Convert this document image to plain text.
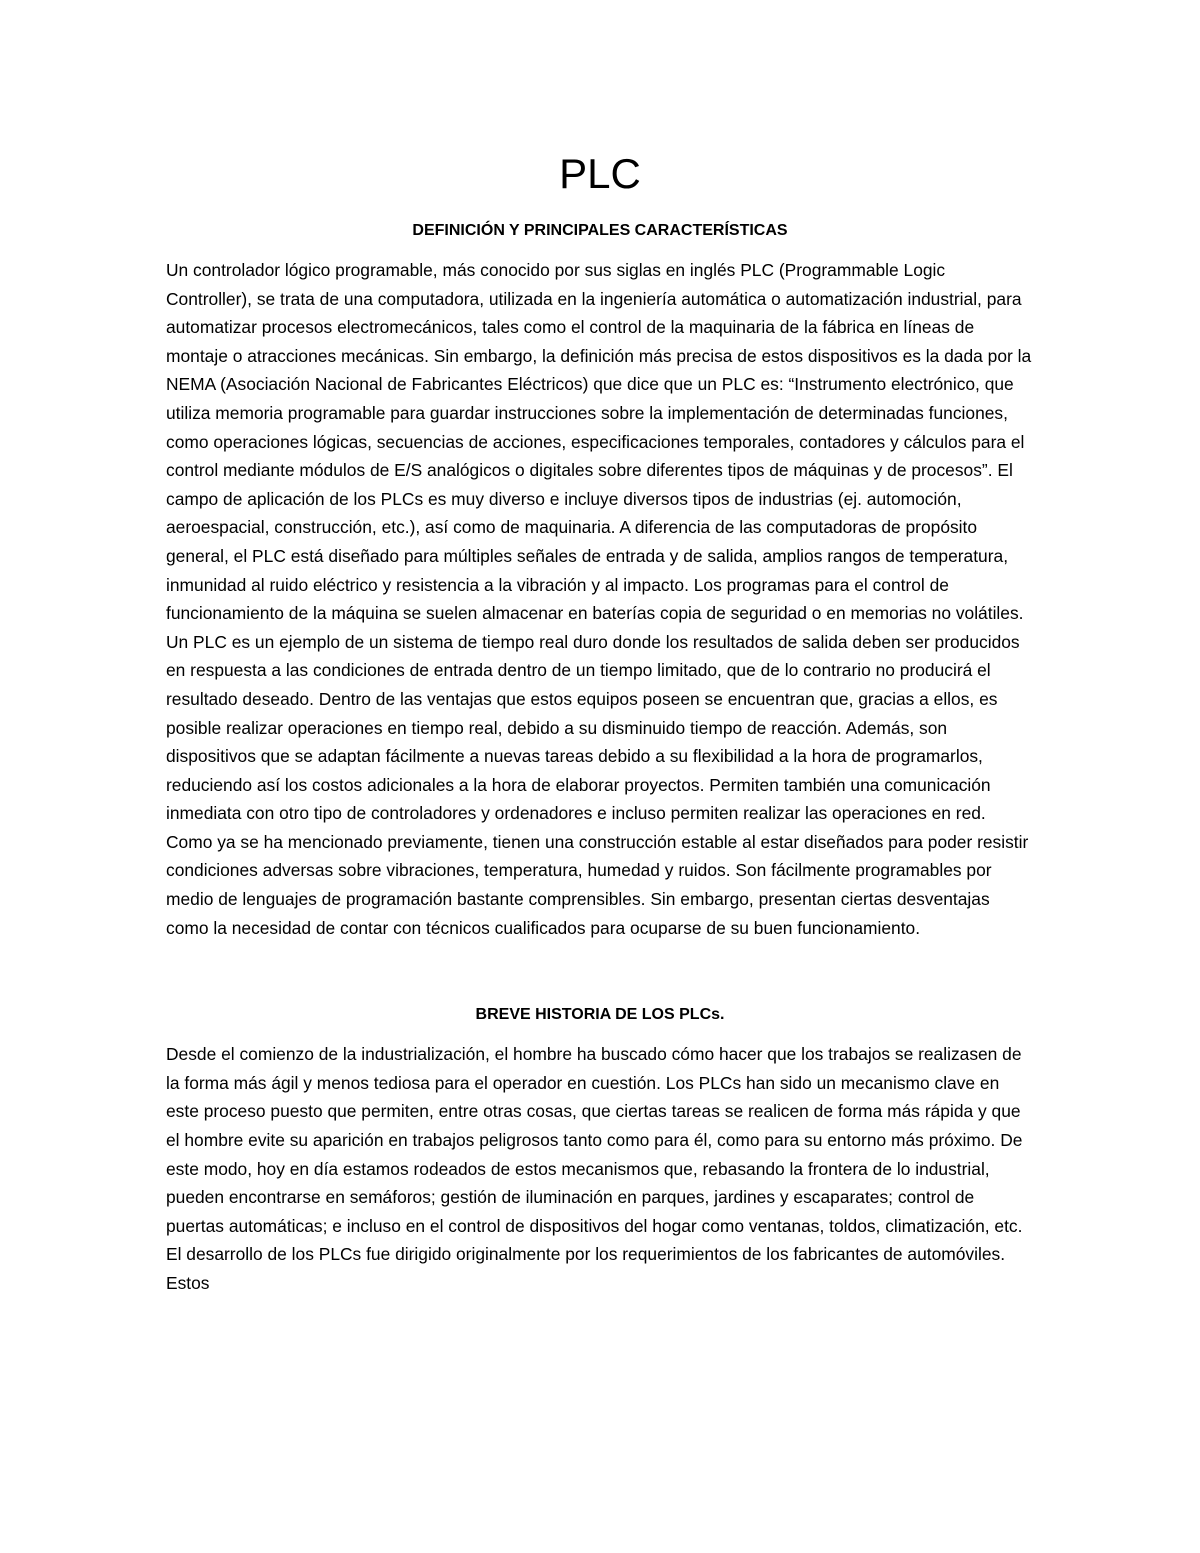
PLC
DEFINICIÓN Y PRINCIPALES CARACTERÍSTICAS

Un controlador lógico programable, más conocido por sus siglas en inglés PLC (Programmable Logic Controller), se trata de una computadora, utilizada en la ingeniería automática o automatización industrial, para automatizar procesos electromecánicos, tales como el control de la maquinaria de la fábrica en líneas de montaje o atracciones mecánicas. Sin embargo, la definición más precisa de estos dispositivos es la dada por la NEMA (Asociación Nacional de Fabricantes Eléctricos) que dice que un PLC es: “Instrumento electrónico, que utiliza memoria programable para guardar instrucciones sobre la implementación de determinadas funciones, como operaciones lógicas, secuencias de acciones, especificaciones temporales, contadores y cálculos para el control mediante módulos de E/S analógicos o digitales sobre diferentes tipos de máquinas y de procesos”. El campo de aplicación de los PLCs es muy diverso e incluye diversos tipos de industrias (ej. automoción, aeroespacial, construcción, etc.), así como de maquinaria. A diferencia de las computadoras de propósito general, el PLC está diseñado para múltiples señales de entrada y de salida, amplios rangos de temperatura, inmunidad al ruido eléctrico y resistencia a la vibración y al impacto. Los programas para el control de funcionamiento de la máquina se suelen almacenar en baterías copia de seguridad o en memorias no volátiles. Un PLC es un ejemplo de un sistema de tiempo real duro donde los resultados de salida deben ser producidos en respuesta a las condiciones de entrada dentro de un tiempo limitado, que de lo contrario no producirá el resultado deseado. Dentro de las ventajas que estos equipos poseen se encuentran que, gracias a ellos, es posible realizar operaciones en tiempo real, debido a su disminuido tiempo de reacción. Además, son dispositivos que se adaptan fácilmente a nuevas tareas debido a su flexibilidad a la hora de programarlos, reduciendo así los costos adicionales a la hora de elaborar proyectos. Permiten también una comunicación inmediata con otro tipo de controladores y ordenadores e incluso permiten realizar las operaciones en red. Como ya se ha mencionado previamente, tienen una construcción estable al estar diseñados para poder resistir condiciones adversas sobre vibraciones, temperatura, humedad y ruidos. Son fácilmente programables por medio de lenguajes de programación bastante comprensibles. Sin embargo, presentan ciertas desventajas como la necesidad de contar con técnicos cualificados para ocuparse de su buen funcionamiento.

BREVE HISTORIA DE LOS PLCs.

Desde el comienzo de la industrialización, el hombre ha buscado cómo hacer que los trabajos se realizasen de la forma más ágil y menos tediosa para el operador en cuestión. Los PLCs han sido un mecanismo clave en este proceso puesto que permiten, entre otras cosas, que ciertas tareas se realicen de forma más rápida y que el hombre evite su aparición en trabajos peligrosos tanto como para él, como para su entorno más próximo. De este modo, hoy en día estamos rodeados de estos mecanismos que, rebasando la frontera de lo industrial, pueden encontrarse en semáforos; gestión de iluminación en parques, jardines y escaparates; control de puertas automáticas; e incluso en el control de dispositivos del hogar como ventanas, toldos, climatización, etc. El desarrollo de los PLCs fue dirigido originalmente por los requerimientos de los fabricantes de automóviles. Estos
